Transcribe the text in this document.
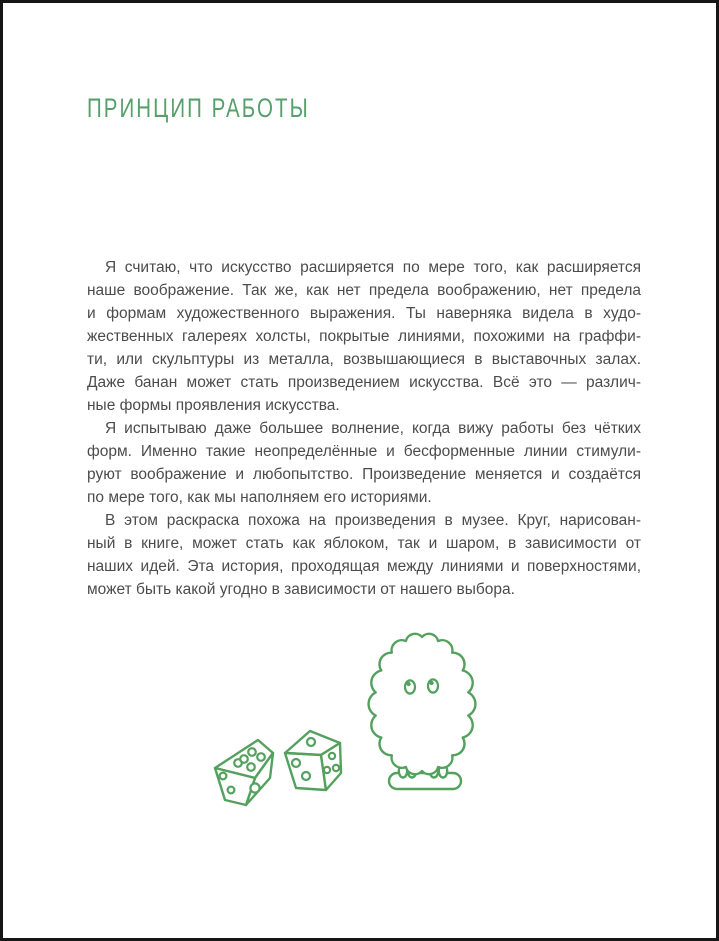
ПРИНЦИП РАБОТЫ
Я считаю, что искусство расширяется по мере того, как расширяется
наше воображение. Так же, как нет предела воображению, нет предела
и формам художественного выражения. Ты наверняка видела в худо-
жественных галереях холсты, покрытые линиями, похожими на граффи-
ти, или скульптуры из металла, возвышающиеся в выставочных залах.
Даже банан может стать произведением искусства. Всё это — различ-
ные формы проявления искусства.
Я испытываю даже большее волнение, когда вижу работы без чётких
форм. Именно такие неопределённые и бесформенные линии стимули-
руют воображение и любопытство. Произведение меняется и создаётся
по мере того, как мы наполняем его историями.
В этом раскраска похожа на произведения в музее. Круг, нарисован-
ный в книге, может стать как яблоком, так и шаром, в зависимости от
наших идей. Эта история, проходящая между линиями и поверхностями,
может быть какой угодно в зависимости от нашего выбора.
